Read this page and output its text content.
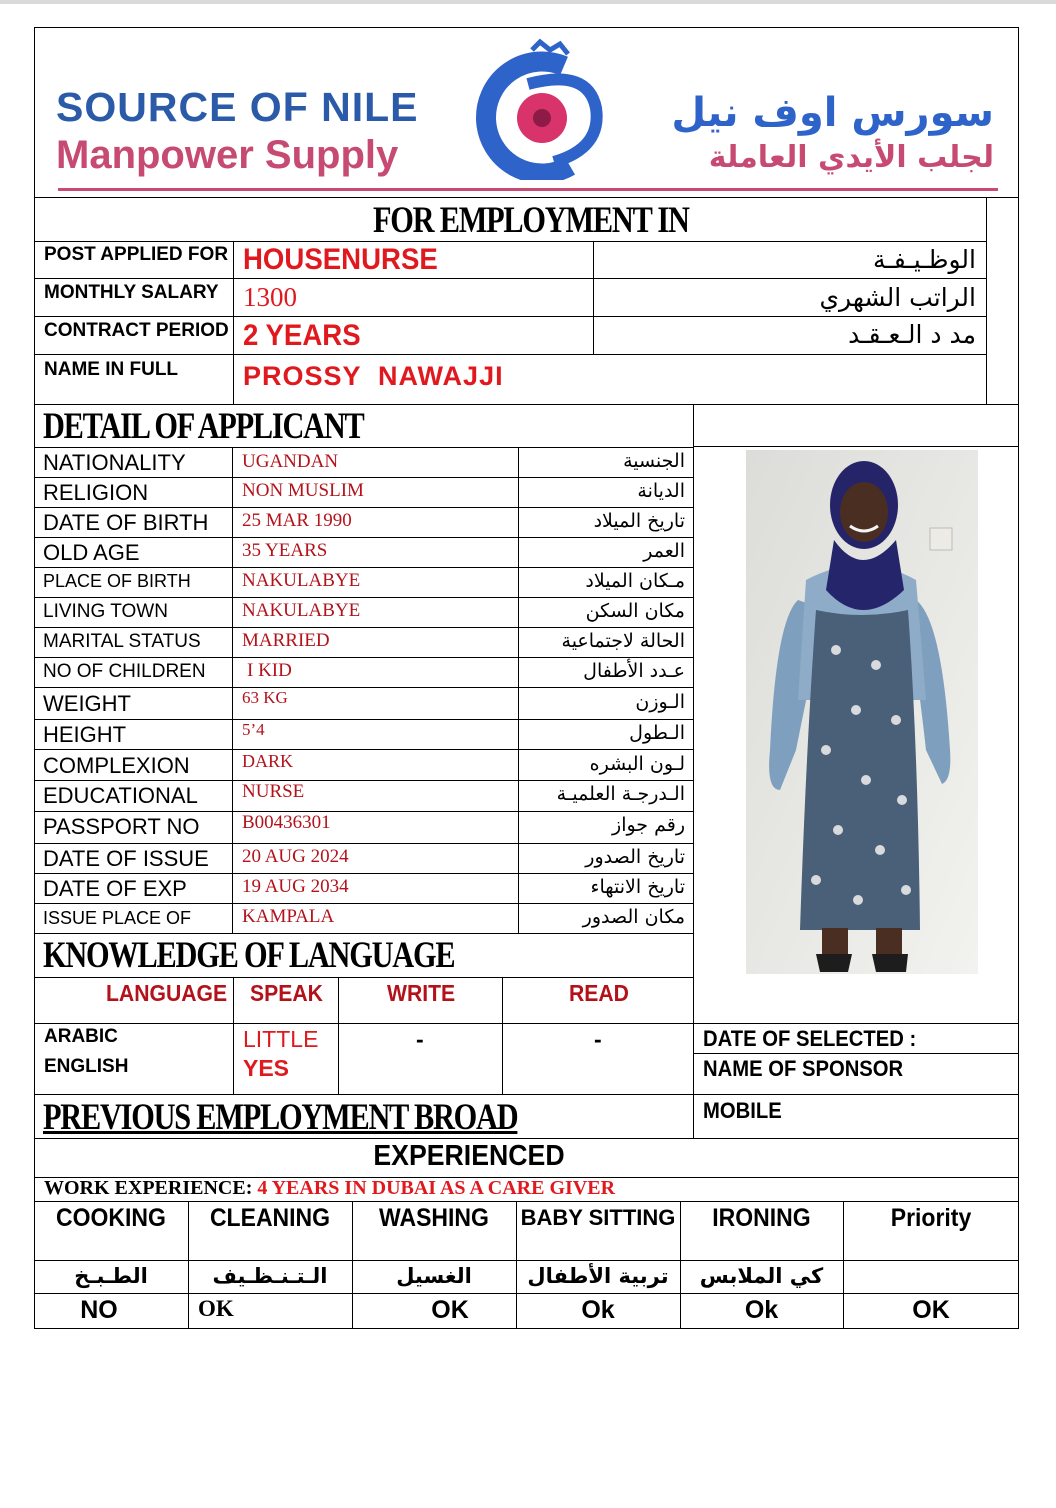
SOURCE OF NILE
Manpower Supply
سورس اوف نيل
لجلب الأيدي العاملة
FOR EMPLOYMENT IN
POST APPLIED FOR HOUSENURSE	الوظـيـفـة
MONTHLY SALARY 1300	الراتب الشهري
CONTRACT PERIOD 2 YEARS	مد د الـعـقـد
NAME IN FULL PROSSY  NAWAJJI
DETAIL OF APPLICANT
NATIONALITY	UGANDAN	الجنسية
RELIGION	NON MUSLIM	الديانة
DATE OF BIRTH 25 MAR 1990	تاريخ الميلاد
OLD AGE	35 YEARS	العمر
PLACE OF BIRTH	NAKULABYE	مـكان الميلاد
LIVING TOWN	NAKULABYE	مكان السكن
MARITAL STATUS MARRIED	الحالة لاجتماعية
NO OF CHILDREN I KID	عـدد الأطفال
WEIGHT	63 KG	الـوزن
HEIGHT	5’4	الـطول
COMPLEXION	DARK	لـون البشره
EDUCATIONAL NURSE	الـدرجـة العلميـة
PASSPORT NO B00436301	رقم جواز
DATE OF ISSUE 20 AUG 2024	تاريخ الصدور
DATE OF EXP	19 AUG 2034	تاريخ الانتهاء
ISSUE PLACE OF	KAMPALA	مكان الصدور
KNOWLEDGE OF LANGUAGE
LANGUAGE SPEAK	WRITE	READ
ARABIC	LITTLE	-	-
ENGLISH	YES
DATE OF SELECTED :
NAME OF SPONSOR
MOBILE
PREVIOUS EMPLOYMENT BROAD
EXPERIENCED
WORK EXPERIENCE: 4 YEARS IN DUBAI AS A CARE GIVER
COOKING	CLEANING	WASHING	BABY SITTING	IRONING	Priority
الطـبـخ	الـتـنـظـيف	الغسيل	تربية الأطفال	كي الملابس
NO	OK	OK	Ok	Ok	OK
